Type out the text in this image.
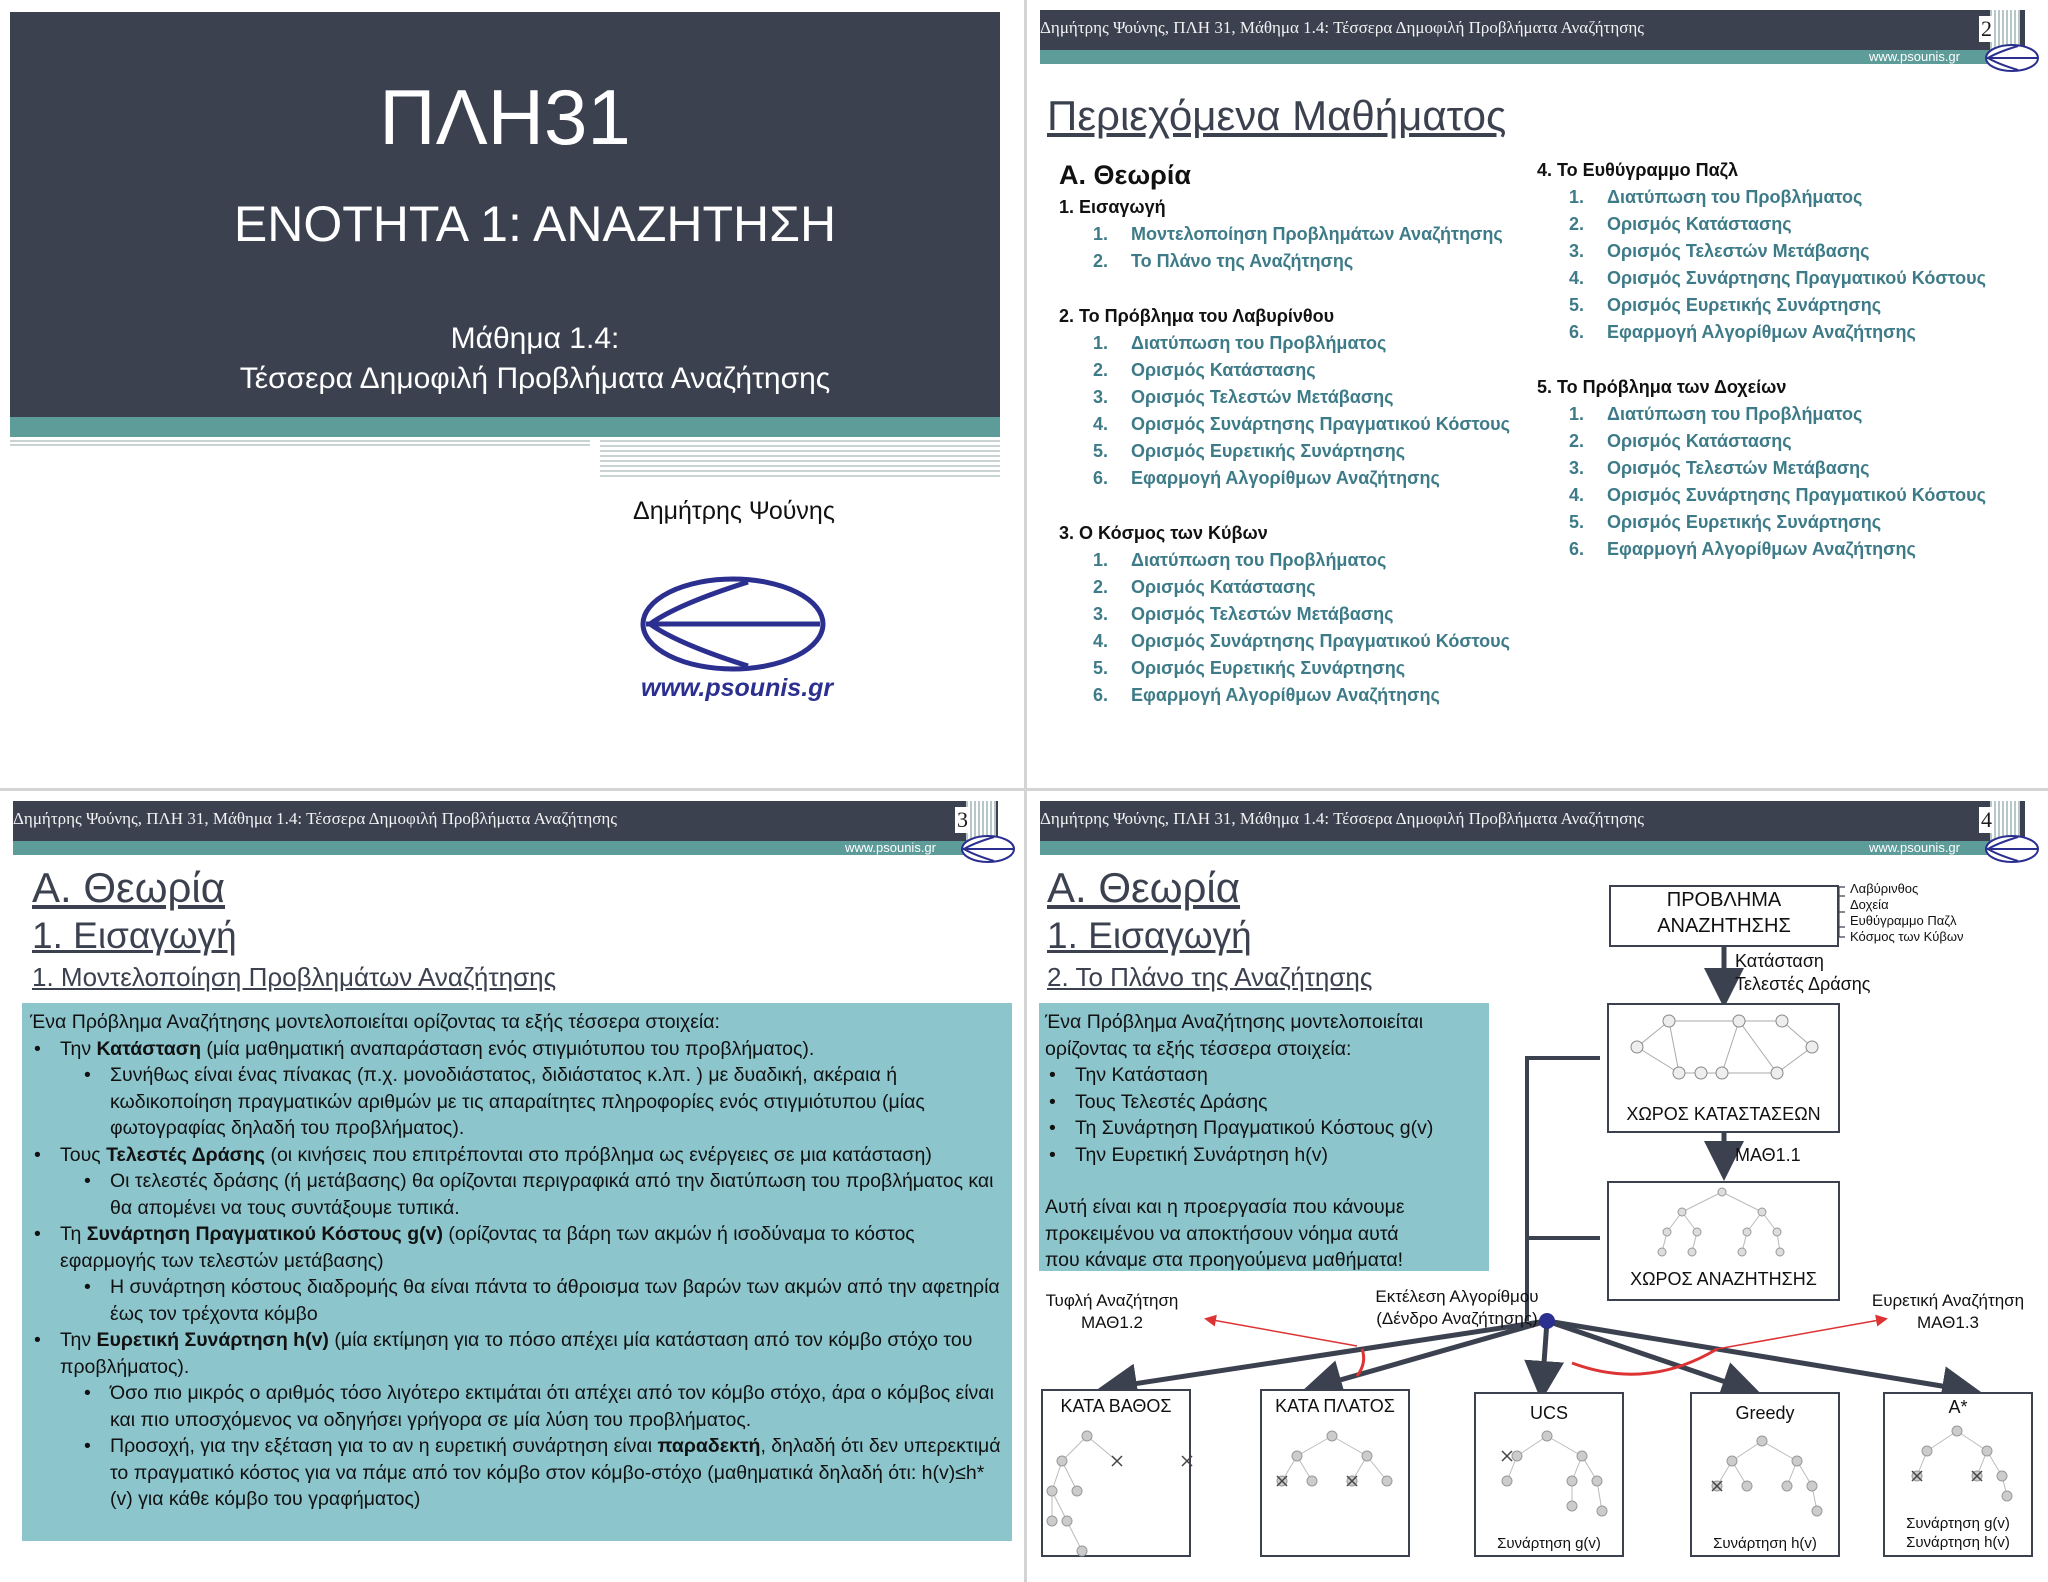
ΠΛΗ31
ΕΝΟΤΗΤΑ 1: ΑΝΑΖΗΤΗΣΗ
Μάθημα 1.4:
Τέσσερα Δημοφιλή Προβλήματα Αναζήτησης
Δημήτρης Ψούνης
www.psounis.gr
Δημήτρης Ψούνης, ΠΛΗ 31, Μάθημα 1.4: Τέσσερα Δημοφιλή Προβλήματα Αναζήτησης
www.psounis.gr
2
Περιεχόμενα Μαθήματος
Α. Θεωρία
1. Εισαγωγή
1. Μοντελοποίηση Προβλημάτων Αναζήτησης
2. Το Πλάνο της Αναζήτησης
2. Το Πρόβλημα του Λαβυρίνθου
1. Διατύπωση του Προβλήματος
2. Ορισμός Κατάστασης
3. Ορισμός Τελεστών Μετάβασης
4. Ορισμός Συνάρτησης Πραγματικού Κόστους
5. Ορισμός Ευρετικής Συνάρτησης
6. Εφαρμογή Αλγορίθμων Αναζήτησης
3. Ο Κόσμος των Κύβων
1. Διατύπωση του Προβλήματος
2. Ορισμός Κατάστασης
3. Ορισμός Τελεστών Μετάβασης
4. Ορισμός Συνάρτησης Πραγματικού Κόστους
5. Ορισμός Ευρετικής Συνάρτησης
6. Εφαρμογή Αλγορίθμων Αναζήτησης
4. Το Ευθύγραμμο Παζλ
1. Διατύπωση του Προβλήματος
2. Ορισμός Κατάστασης
3. Ορισμός Τελεστών Μετάβασης
4. Ορισμός Συνάρτησης Πραγματικού Κόστους
5. Ορισμός Ευρετικής Συνάρτησης
6. Εφαρμογή Αλγορίθμων Αναζήτησης
5. Το Πρόβλημα των Δοχείων
1. Διατύπωση του Προβλήματος
2. Ορισμός Κατάστασης
3. Ορισμός Τελεστών Μετάβασης
4. Ορισμός Συνάρτησης Πραγματικού Κόστους
5. Ορισμός Ευρετικής Συνάρτησης
6. Εφαρμογή Αλγορίθμων Αναζήτησης
Δημήτρης Ψούνης, ΠΛΗ 31, Μάθημα 1.4: Τέσσερα Δημοφιλή Προβλήματα Αναζήτησης
www.psounis.gr
3
Α. Θεωρία
1. Εισαγωγή
1. Μοντελοποίηση Προβλημάτων Αναζήτησης
Ένα Πρόβλημα Αναζήτησης μοντελοποιείται ορίζοντας τα εξής τέσσερα στοιχεία:
• Την Κατάσταση (μία μαθηματική αναπαράσταση ενός στιγμιότυπου του προβλήματος).
• Συνήθως είναι ένας πίνακας (π.χ. μονοδιάστατος, διδιάστατος κ.λπ. ) με δυαδική, ακέραια ή κωδικοποίηση πραγματικών αριθμών με τις απαραίτητες πληροφορίες ενός στιγμιότυπου (μίας φωτογραφίας δηλαδή του προβλήματος).
• Τους Τελεστές Δράσης (οι κινήσεις που επιτρέπονται στο πρόβλημα ως ενέργειες σε μια κατάσταση)
• Οι τελεστές δράσης (ή μετάβασης) θα ορίζονται περιγραφικά από την διατύπωση του προβλήματος και θα απομένει να τους συντάξουμε τυπικά.
• Τη Συνάρτηση Πραγματικού Κόστους g(v) (ορίζοντας τα βάρη των ακμών ή ισοδύναμα το κόστος εφαρμογής των τελεστών μετάβασης)
• Η συνάρτηση κόστους διαδρομής θα είναι πάντα το άθροισμα των βαρών των ακμών από την αφετηρία έως τον τρέχοντα κόμβο
• Την Ευρετική Συνάρτηση h(v) (μία εκτίμηση για το πόσο απέχει μία κατάσταση από τον κόμβο στόχο του προβλήματος).
• Όσο πιο μικρός ο αριθμός τόσο λιγότερο εκτιμάται ότι απέχει από τον κόμβο στόχο, άρα ο κόμβος είναι και πιο υποσχόμενος να οδηγήσει γρήγορα σε μία λύση του προβλήματος.
• Προσοχή, για την εξέταση για το αν η ευρετική συνάρτηση είναι παραδεκτή, δηλαδή ότι δεν υπερεκτιμά το πραγματικό κόστος για να πάμε από τον κόμβο στον κόμβο-στόχο (μαθηματικά δηλαδή ότι: h(v)≤h*(v) για κάθε κόμβο του γραφήματος)
Δημήτρης Ψούνης, ΠΛΗ 31, Μάθημα 1.4: Τέσσερα Δημοφιλή Προβλήματα Αναζήτησης
www.psounis.gr
4
Α. Θεωρία
1. Εισαγωγή
2. Το Πλάνο της Αναζήτησης
Ένα Πρόβλημα Αναζήτησης μοντελοποιείται
ορίζοντας τα εξής τέσσερα στοιχεία:
• Την Κατάσταση
• Τους Τελεστές Δράσης
• Τη Συνάρτηση Πραγματικού Κόστους g(v)
• Την Ευρετική Συνάρτηση h(v)
Αυτή είναι και η προεργασία που κάνουμε
προκειμένου να αποκτήσουν νόημα αυτά
που κάναμε στα προηγούμενα μαθήματα!
ΠΡΟΒΛΗΜΑ
ΑΝΑΖΗΤΗΣΗΣ
Λαβύρινθος
Δοχεία
Ευθύγραμμο Παζλ
Κόσμος των Κύβων
Κατάσταση
Τελεστές Δράσης
ΧΩΡΟΣ ΚΑΤΑΣΤΑΣΕΩΝ
ΜΑΘ1.1
ΧΩΡΟΣ ΑΝΑΖΗΤΗΣΗΣ
Τυφλή Αναζήτηση
ΜΑΘ1.2
Εκτέλεση Αλγορίθμου
(Δένδρο Αναζήτησης)
Ευρετική Αναζήτηση
ΜΑΘ1.3
ΚΑΤΑ ΒΑΘΟΣ	ΚΑΤΑ ΠΛΑΤΟΣ	UCS
Συνάρτηση g(v)
Greedy
Συνάρτηση h(v)
A*
Συνάρτηση g(v)
Συνάρτηση h(v)
